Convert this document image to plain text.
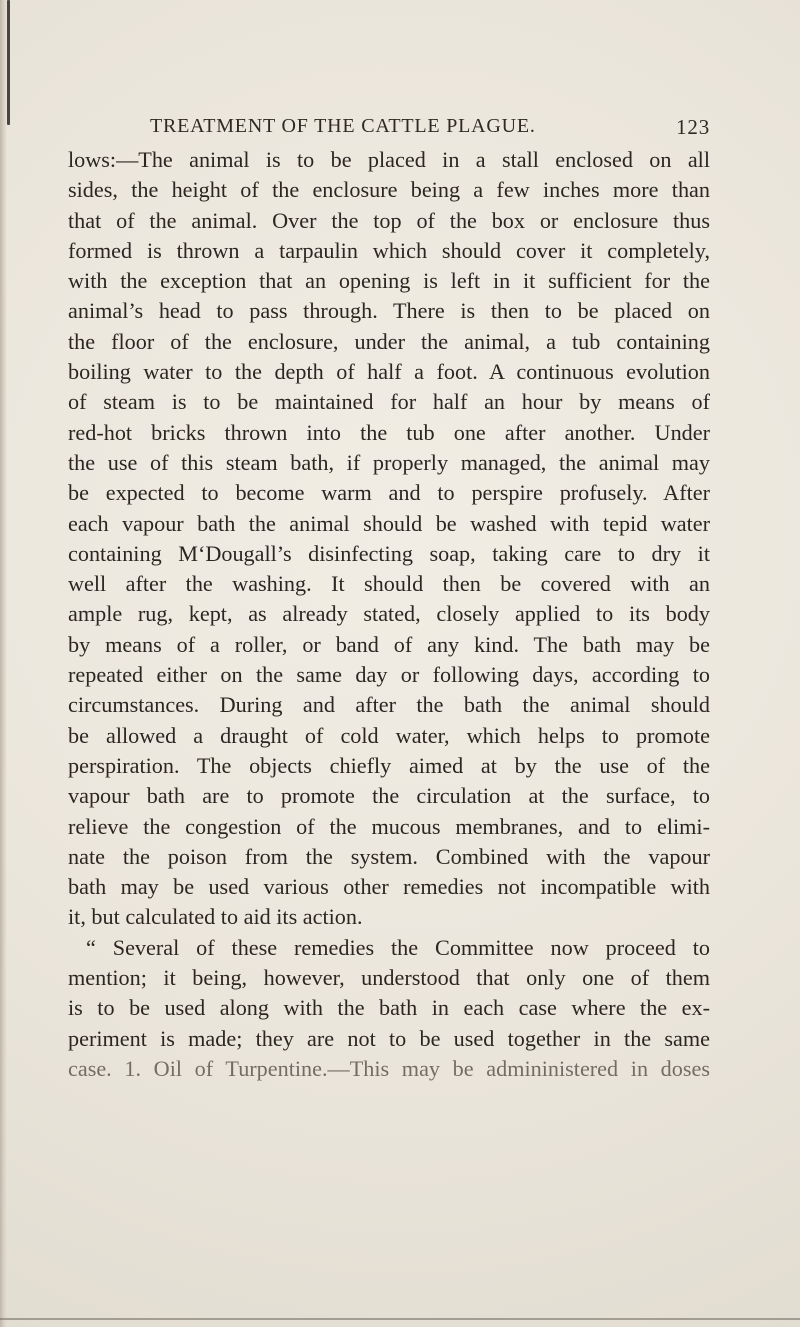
TREATMENT OF THE CATTLE PLAGUE.	123
lows:—The animal is to be placed in a stall enclosed on all
sides, the height of the enclosure being a few inches more than
that of the animal. Over the top of the box or enclosure thus
formed is thrown a tarpaulin which should cover it completely,
with the exception that an opening is left in it sufficient for the
animal’s head to pass through. There is then to be placed on
the floor of the enclosure, under the animal, a tub containing
boiling water to the depth of half a foot. A continuous evolution
of steam is to be maintained for half an hour by means of
red-hot bricks thrown into the tub one after another. Under
the use of this steam bath, if properly managed, the animal may
be expected to become warm and to perspire profusely. After
each vapour bath the animal should be washed with tepid water
containing M‘Dougall’s disinfecting soap, taking care to dry it
well after the washing. It should then be covered with an
ample rug, kept, as already stated, closely applied to its body
by means of a roller, or band of any kind. The bath may be
repeated either on the same day or following days, according to
circumstances. During and after the bath the animal should
be allowed a draught of cold water, which helps to promote
perspiration. The objects chiefly aimed at by the use of the
vapour bath are to promote the circulation at the surface, to
relieve the congestion of the mucous membranes, and to elimi-
nate the poison from the system. Combined with the vapour
bath may be used various other remedies not incompatible with
it, but calculated to aid its action.
“ Several of these remedies the Committee now proceed to
mention; it being, however, understood that only one of them
is to be used along with the bath in each case where the ex-
periment is made; they are not to be used together in the same
case. 1. Oil of Turpentine.—This may be admininistered in doses
